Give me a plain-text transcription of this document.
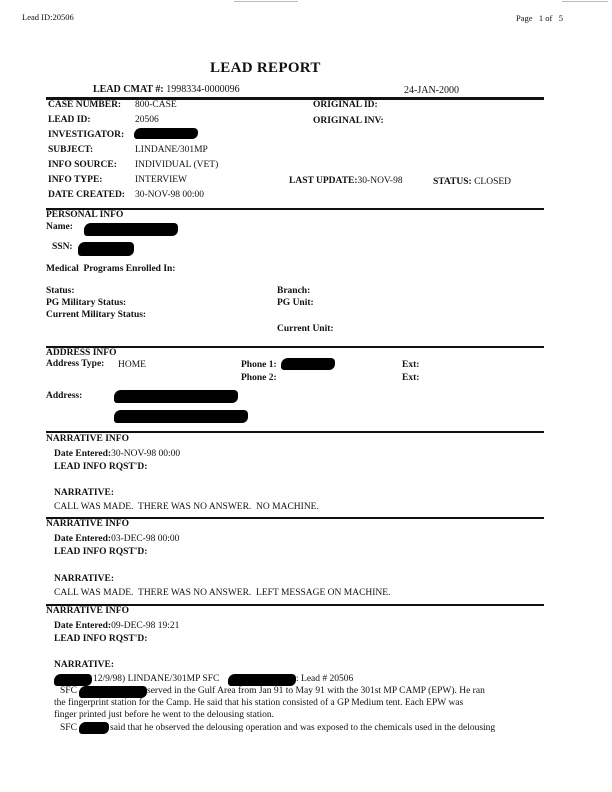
Lead ID:20506	Page   1 of   5
LEAD REPORT
LEAD CMAT #: 1998334-0000096	24-JAN-2000
CASE NUMBER: 800-CASE	ORIGINAL ID:
LEAD ID:	20506	ORIGINAL INV:
INVESTIGATOR:
SUBJECT:	LINDANE/301MP
INFO SOURCE: INDIVIDUAL (VET)
INFO TYPE:	INTERVIEW	LAST UPDATE:30-NOV-98	STATUS: CLOSED
DATE CREATED: 30-NOV-98 00:00
PERSONAL INFO
Name:
SSN:
Medical  Programs Enrolled In:
Status:
PG Military Status:
Current Military Status:
Branch:
PG Unit:
Current Unit:
ADDRESS INFO
Address Type: HOME	Phone 1:	Ext:
Phone 2:	Ext:
Address:
NARRATIVE INFO
Date Entered:30-NOV-98 00:00
LEAD INFO RQST'D:
NARRATIVE:
CALL WAS MADE.  THERE WAS NO ANSWER.  NO MACHINE.
NARRATIVE INFO
Date Entered:03-DEC-98 00:00
LEAD INFO RQST'D:
NARRATIVE:
CALL WAS MADE.  THERE WAS NO ANSWER.  LEFT MESSAGE ON MACHINE.
NARRATIVE INFO
Date Entered:09-DEC-98 19:21
LEAD INFO RQST'D:
NARRATIVE:
12/9/98) LINDANE/301MP SFC	: Lead # 20506
SFC	served in the Gulf Area from Jan 91 to May 91 with the 301st MP CAMP (EPW). He ran
the fingerprint station for the Camp. He said that his station consisted of a GP Medium tent. Each EPW was
finger printed just before he went to the delousing station.
SFC	said that he observed the delousing operation and was exposed to the chemicals used in the delousing
